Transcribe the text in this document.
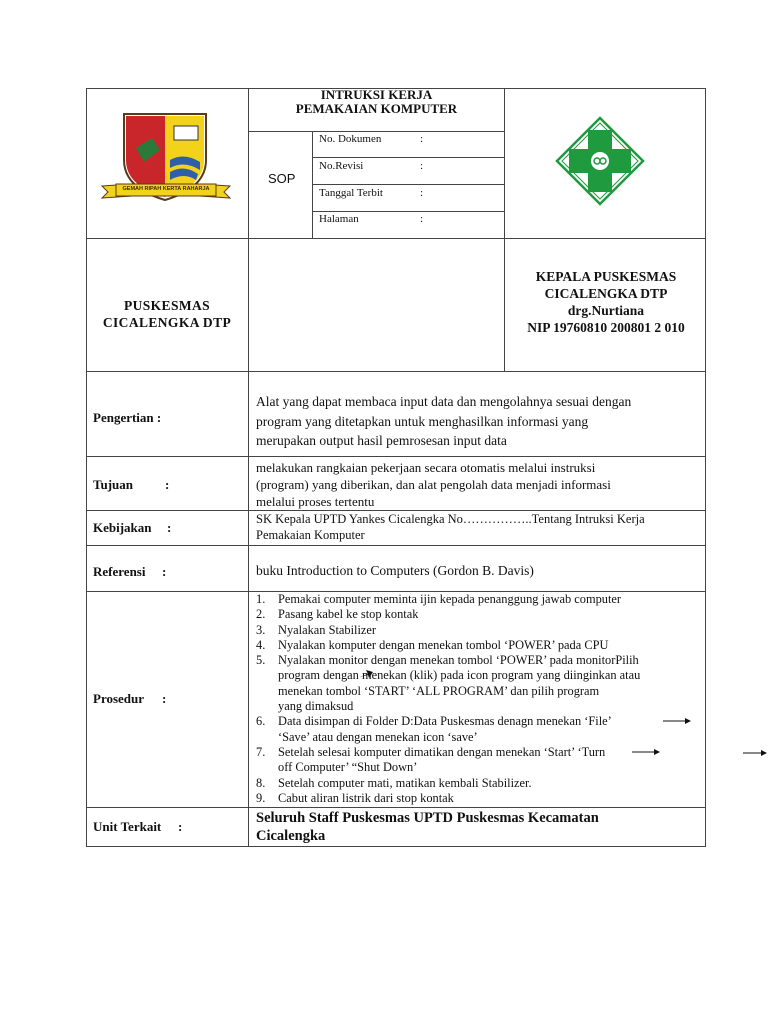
GEMAH RIPAH KERTA RAHARJA
INTRUKSI KERJA
PEMAKAIAN KOMPUTER
SOP
No. Dokumen	:
No.Revisi	:
Tanggal Terbit	:
Halaman	:
PUSKESMAS
CICALENGKA DTP
KEPALA PUSKESMAS
CICALENGKA DTP
drg.Nurtiana
NIP 19760810 200801 2 010
Pengertian :
Alat yang dapat membaca input data dan mengolahnya sesuai dengan
program yang ditetapkan untuk menghasilkan informasi yang
merupakan output hasil pemrosesan input data
Tujuan :
melakukan rangkaian pekerjaan secara otomatis melalui instruksi
(program) yang diberikan, dan alat pengolah data menjadi informasi
melalui proses tertentu
Kebijakan :
SK Kepala UPTD Yankes Cicalengka No……………..Tentang Intruksi Kerja
Pemakaian Komputer
Referensi :	buku Introduction to Computers (Gordon B. Davis)
Prosedur :
1. Pemakai computer meminta ijin kepada penanggung jawab computer
2. Pasang kabel ke stop kontak
3. Nyalakan Stabilizer
4. Nyalakan komputer dengan menekan tombol ‘POWER’ pada CPU
5. Nyalakan monitor dengan menekan tombol ‘POWER’ pada monitorPilih
program dengan menekan (klik) pada icon program yang diinginkan atau
menekan tombol ‘START’ ‘ALL PROGRAM’ dan pilih program
yang dimaksud
6. Data disimpan di Folder D:Data Puskesmas denagn menekan ‘File’
‘Save’ atau dengan menekan icon ‘save’
7. Setelah selesai komputer dimatikan dengan menekan ‘Start’ ‘Turn
off Computer’ “Shut Down’
8. Setelah computer mati, matikan kembali Stabilizer.
9. Cabut aliran listrik dari stop kontak
Unit Terkait :
Seluruh Staff Puskesmas UPTD Puskesmas Kecamatan
Cicalengka
